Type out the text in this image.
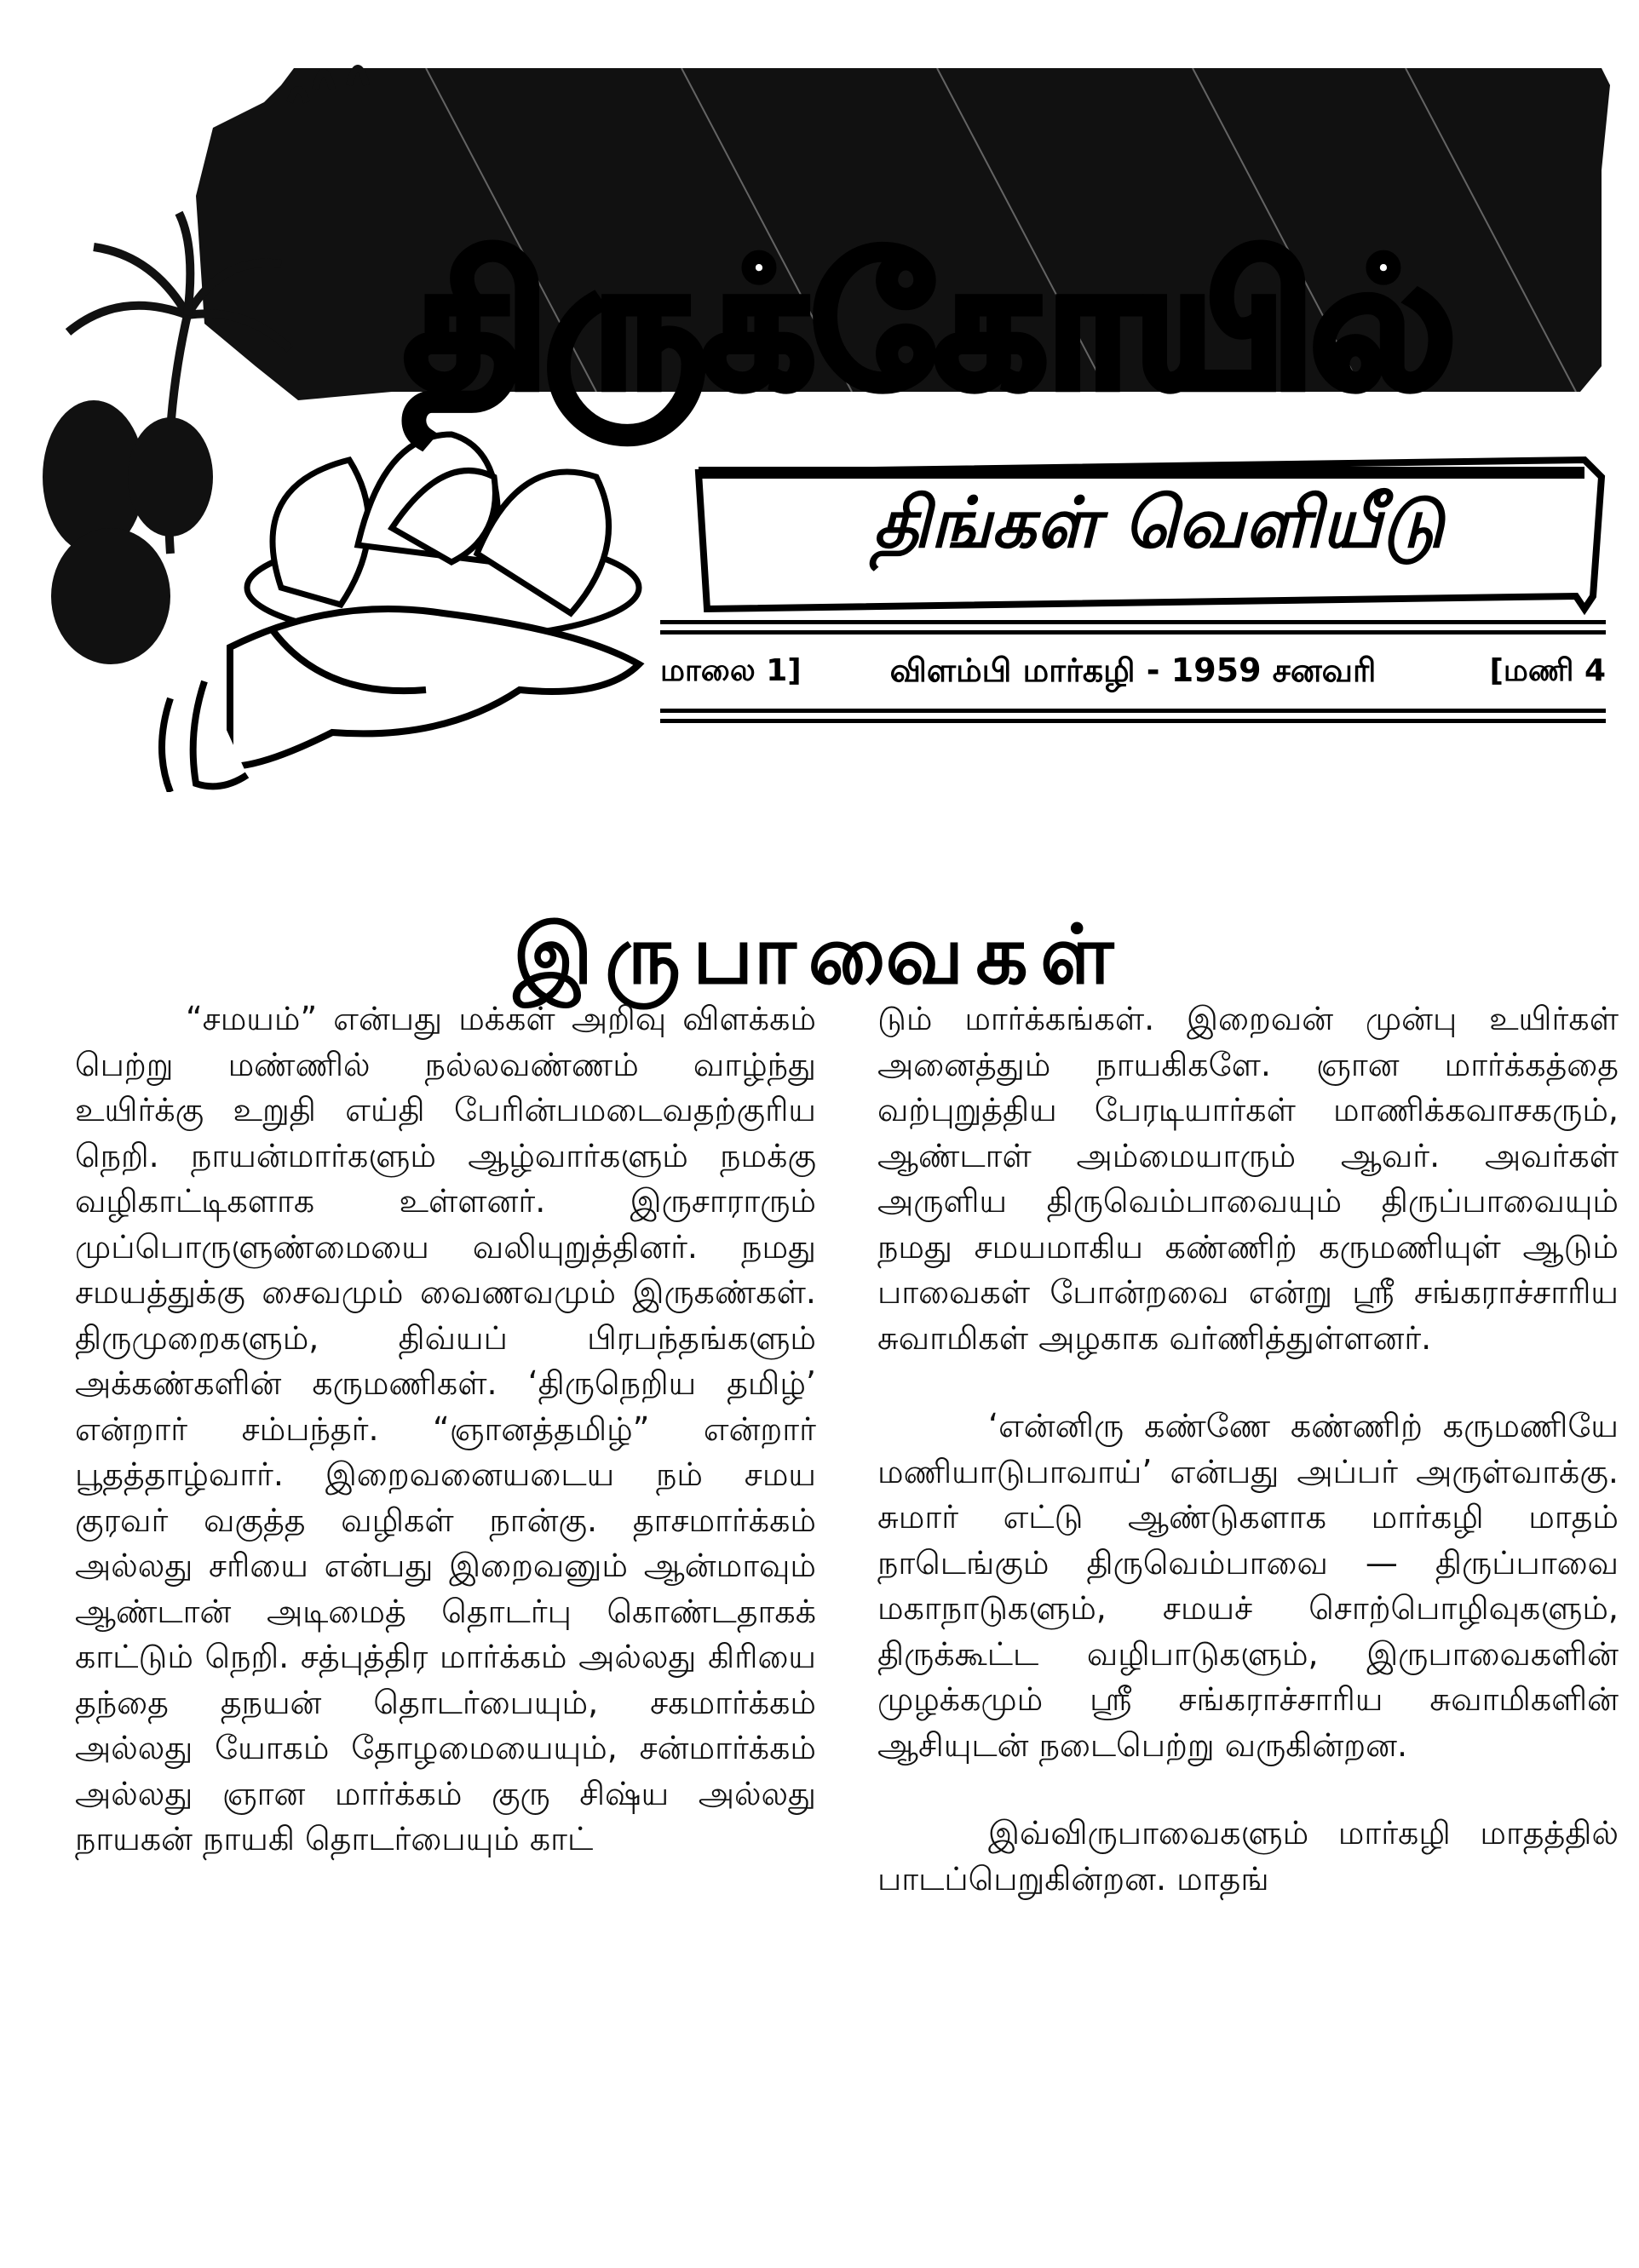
திருக்கோயில்
திங்கள் வெளியீடு
மாலை 1]	விளம்பி மார்கழி - 1959 சனவரி	[மணி 4
இருபாவைகள்

“சமயம்” என்பது மக்கள் அறிவு விளக்கம் பெற்று மண்ணில் நல்லவண்ணம் வாழ்ந்து உயிர்க்கு உறுதி எய்தி பேரின்பமடைவதற்குரிய நெறி. நாயன்மார்களும் ஆழ்வார்களும் நமக்கு வழிகாட்டிகளாக உள்ளனர். இருசாராரும் முப்பொருளுண்மையை வலியுறுத்தினர். நமது சமயத்துக்கு சைவமும் வைணவமும் இருகண்கள். திருமுறைகளும், திவ்யப் பிரபந்தங்களும் அக்கண்களின் கருமணிகள். ‘திருநெறிய தமிழ்’ என்றார் சம்பந்தர். “ஞானத்தமிழ்” என்றார் பூதத்தாழ்வார். இறைவனையடைய நம் சமய குரவர் வகுத்த வழிகள் நான்கு. தாசமார்க்கம் அல்லது சரியை என்பது இறைவனும் ஆன்மாவும் ஆண்டான் அடிமைத் தொடர்பு கொண்டதாகக் காட்டும் நெறி. சத்புத்திர மார்க்கம் அல்லது கிரியை தந்தை தநயன் தொடர்பையும், சகமார்க்கம் அல்லது யோகம் தோழமையையும், சன்மார்க்கம் அல்லது ஞான மார்க்கம் குரு சிஷ்ய அல்லது நாயகன் நாயகி தொடர்பையும் காட்

டும் மார்க்கங்கள். இறைவன் முன்பு உயிர்கள் அனைத்தும் நாயகிகளே. ஞான மார்க்கத்தை வற்புறுத்திய பேரடியார்கள் மாணிக்கவாசகரும், ஆண்டாள் அம்மையாரும் ஆவர். அவர்கள் அருளிய திருவெம்பாவையும் திருப்பாவையும் நமது சமயமாகிய கண்ணிற் கருமணியுள் ஆடும் பாவைகள் போன்றவை என்று ஸ்ரீ சங்கராச்சாரிய சுவாமிகள் அழகாக வர்ணித்துள்ளனர்.

‘என்னிரு கண்ணே கண்ணிற் கருமணியே மணியாடுபாவாய்’ என்பது அப்பர் அருள்வாக்கு. சுமார் எட்டு ஆண்டுகளாக மார்கழி மாதம் நாடெங்கும் திருவெம்பாவை — திருப்பாவை மகாநாடுகளும், சமயச் சொற்பொழிவுகளும், திருக்கூட்ட வழிபாடுகளும், இருபாவைகளின் முழக்கமும் ஸ்ரீ சங்கராச்சாரிய சுவாமிகளின் ஆசியுடன் நடைபெற்று வருகின்றன.

இவ்விருபாவைகளும் மார்கழி மாதத்தில் பாடப்பெறுகின்றன. மாதங்
